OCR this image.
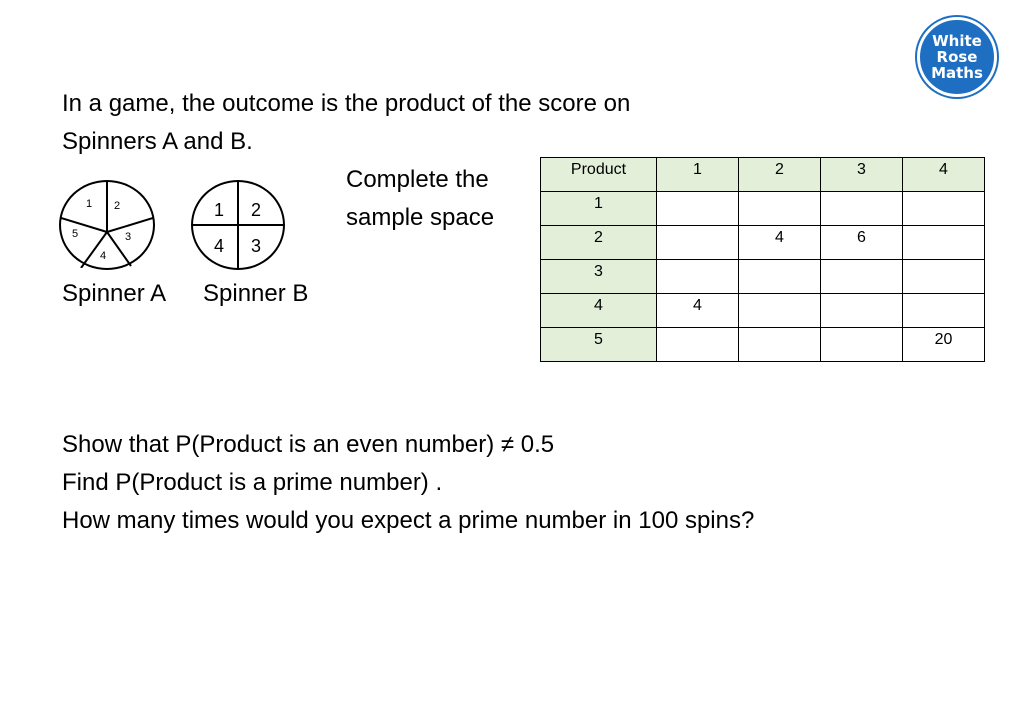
White
Rose
Maths
In a game, the outcome is the product of the score on
Spinners A and B.
Complete the
sample space
1 2
3
4
5
1 2
3
4
Spinner A Spinner B
Product	1	2	3	4
1				
2		4	6	
3				
4	4			
5				20
Show that P(Product is an even number) ≠ 0.5
Find P(Product is a prime number) .
How many times would you expect a prime number in 100 spins?
